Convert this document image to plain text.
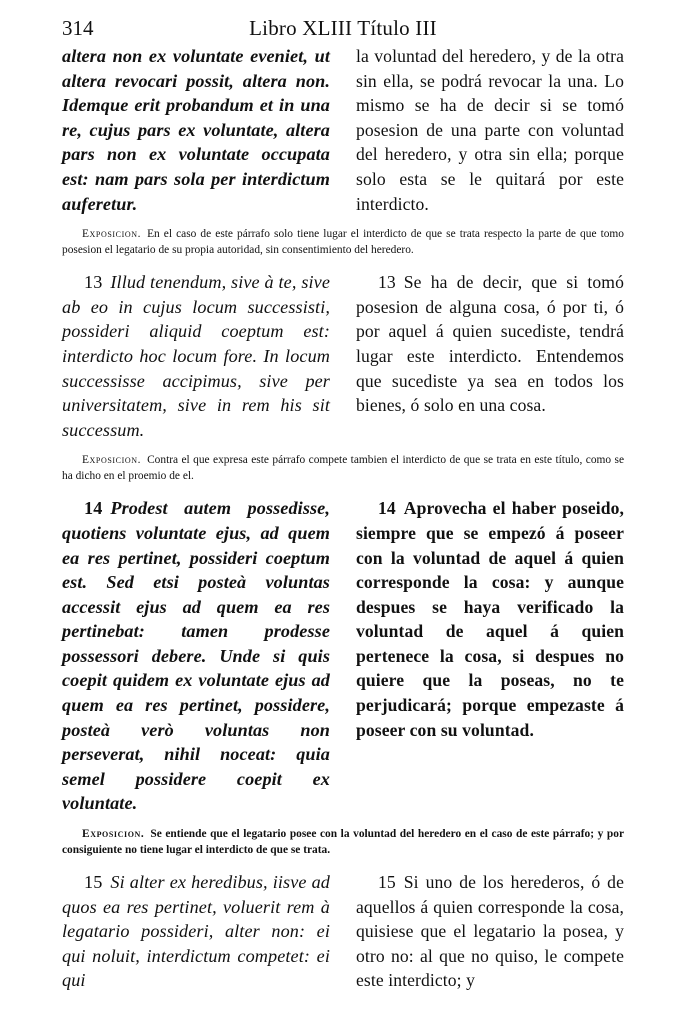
314	Libro XLIII Título III

altera non ex voluntate eveniet, ut altera revocari possit, altera non. Idemque erit probandum et in una re, cujus pars ex voluntate, altera pars non ex voluntate occupata est: nam pars sola per interdictum auferetur.

la voluntad del heredero, y de la otra sin ella, se podrá revocar la una. Lo mismo se ha de decir si se tomó posesion de una parte con voluntad del heredero, y otra sin ella; porque solo esta se le quitará por este interdicto.

Exposicion. En el caso de este párrafo solo tiene lugar el interdicto de que se trata respecto la parte de que tomo posesion el legatario de su propia autoridad, sin consentimiento del heredero.

13 Illud tenendum, sive à te, sive ab eo in cujus locum successisti, possideri aliquid coeptum est: interdicto hoc locum fore. In locum successisse accipimus, sive per universitatem, sive in rem his sit successum.

13 Se ha de decir, que si tomó posesion de alguna cosa, ó por ti, ó por aquel á quien sucediste, tendrá lugar este interdicto. Entendemos que sucediste ya sea en todos los bienes, ó solo en una cosa.

Exposicion. Contra el que expresa este párrafo compete tambien el interdicto de que se trata en este título, como se ha dicho en el proemio de el.

14 Prodest autem possedisse, quotiens voluntate ejus, ad quem ea res pertinet, possideri coeptum est. Sed etsi posteà voluntas accessit ejus ad quem ea res pertinebat: tamen prodesse possessori debere. Unde si quis coepit quidem ex voluntate ejus ad quem ea res pertinet, possidere, posteà verò voluntas non perseverat, nihil noceat: quia semel possidere coepit ex voluntate.

14 Aprovecha el haber poseido, siempre que se empezó á poseer con la voluntad de aquel á quien corresponde la cosa: y aunque despues se haya verificado la voluntad de aquel á quien pertenece la cosa, si despues no quiere que la poseas, no te perjudicará; porque empezaste á poseer con su voluntad.

Exposicion. Se entiende que el legatario posee con la voluntad del heredero en el caso de este párrafo; y por consiguiente no tiene lugar el interdicto de que se trata.

15 Si alter ex heredibus, iisve ad quos ea res pertinet, voluerit rem à legatario possideri, alter non: ei qui noluit, interdictum competet: ei qui

15 Si uno de los herederos, ó de aquellos á quien corresponde la cosa, quisiese que el legatario la posea, y otro no: al que no quiso, le compete este interdicto; y
